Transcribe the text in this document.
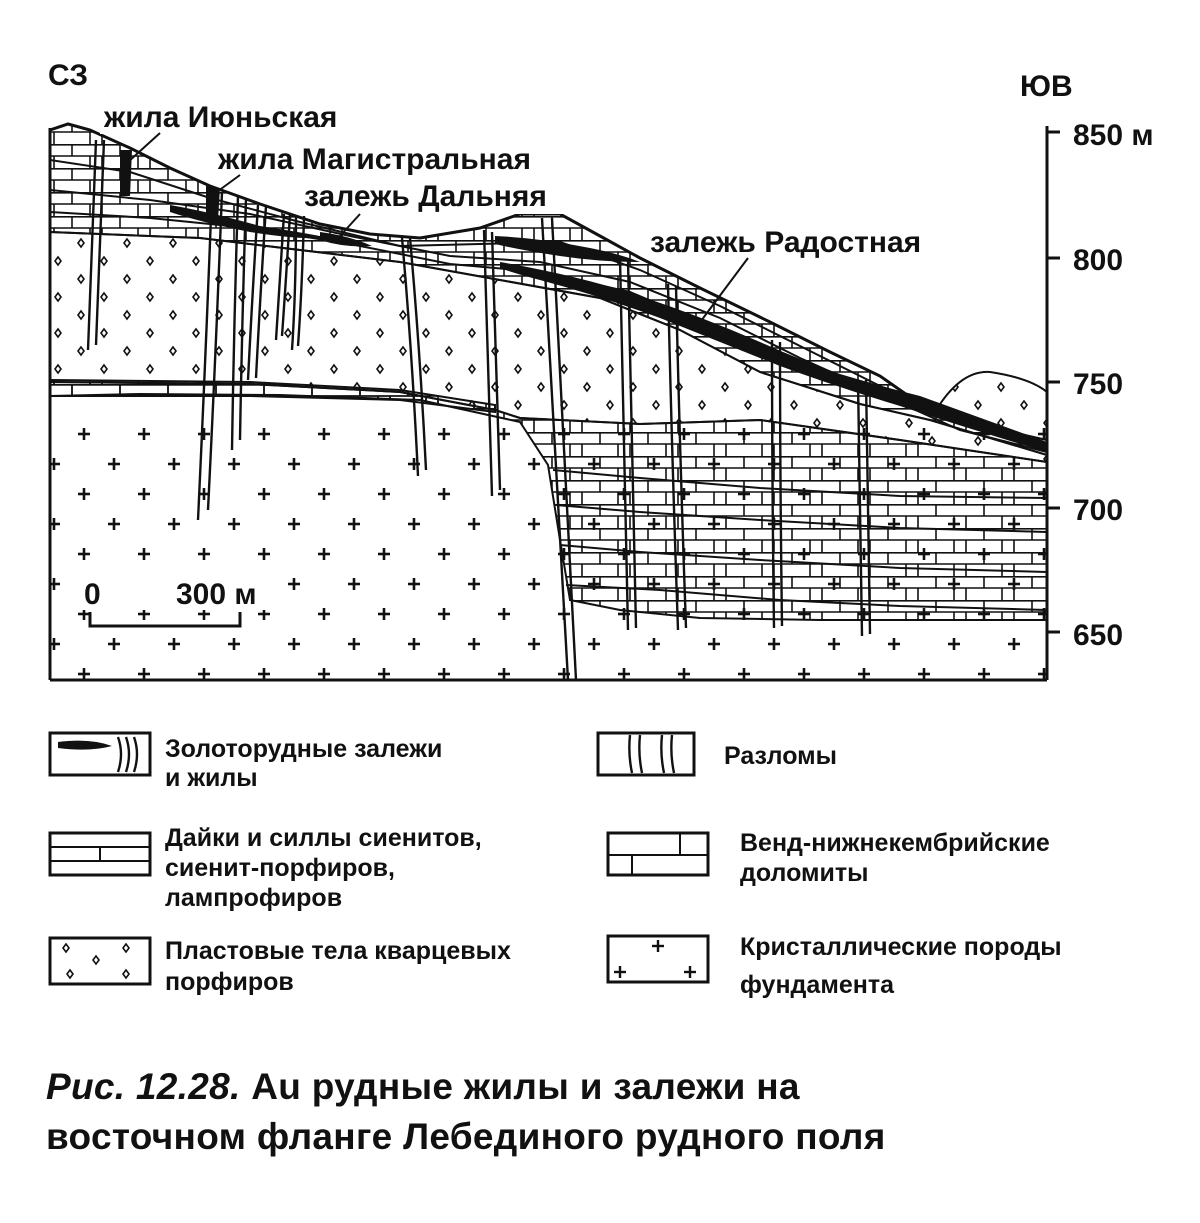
850 м
800
750
700
650
СЗ	ЮВ
жила Июньская
жила Магистральная
залежь Дальняя
залежь Радостная
0	300 м
Золоторудные залежи
и жилы
Разломы
Дайки и силлы сиенитов,
сиенит-порфиров,
лампрофиров
Венд-нижнекембрийские
доломиты
Пластовые тела кварцевых
порфиров
Кристаллические породы
фундамента
Рис. 12.28. Аu рудные жилы и залежи на
восточном фланге Лебединого рудного поля
